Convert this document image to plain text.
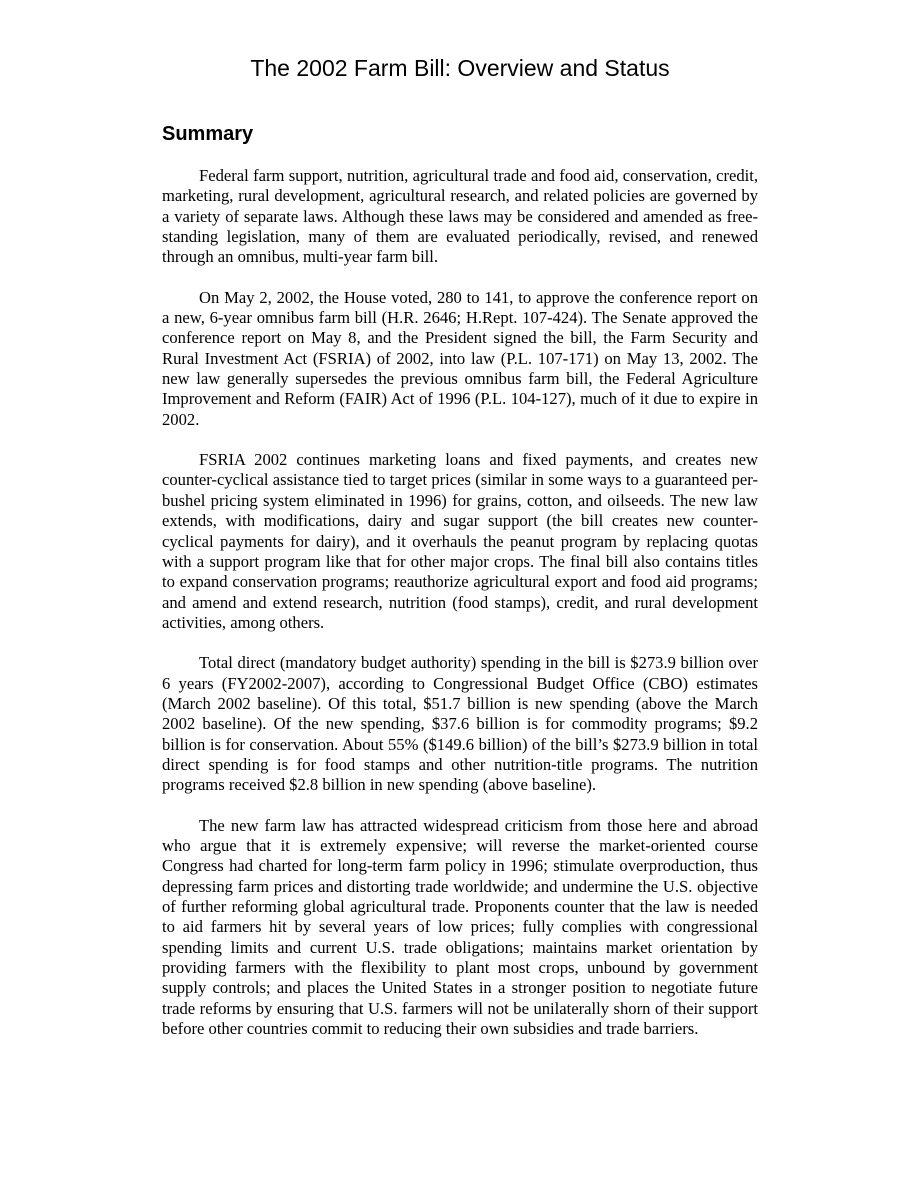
The 2002 Farm Bill: Overview and Status
Summary

Federal farm support, nutrition, agricultural trade and food aid, conservation, credit, marketing, rural development, agricultural research, and related policies are governed by a variety of separate laws. Although these laws may be considered and amended as free-standing legislation, many of them are evaluated periodically, revised, and renewed through an omnibus, multi-year farm bill.

On May 2, 2002, the House voted, 280 to 141, to approve the conference report on a new, 6-year omnibus farm bill (H.R. 2646; H.Rept. 107-424). The Senate approved the conference report on May 8, and the President signed the bill, the Farm Security and Rural Investment Act (FSRIA) of 2002, into law (P.L. 107-171) on May 13, 2002. The new law generally supersedes the previous omnibus farm bill, the Federal Agriculture Improvement and Reform (FAIR) Act of 1996 (P.L. 104-127), much of it due to expire in 2002.

FSRIA 2002 continues marketing loans and fixed payments, and creates new counter-cyclical assistance tied to target prices (similar in some ways to a guaranteed per-bushel pricing system eliminated in 1996) for grains, cotton, and oilseeds. The new law extends, with modifications, dairy and sugar support (the bill creates new counter-cyclical payments for dairy), and it overhauls the peanut program by replacing quotas with a support program like that for other major crops. The final bill also contains titles to expand conservation programs; reauthorize agricultural export and food aid programs; and amend and extend research, nutrition (food stamps), credit, and rural development activities, among others.

Total direct (mandatory budget authority) spending in the bill is $273.9 billion over 6 years (FY2002-2007), according to Congressional Budget Office (CBO) estimates (March 2002 baseline). Of this total, $51.7 billion is new spending (above the March 2002 baseline). Of the new spending, $37.6 billion is for commodity programs; $9.2 billion is for conservation. About 55% ($149.6 billion) of the bill’s $273.9 billion in total direct spending is for food stamps and other nutrition-title programs. The nutrition programs received $2.8 billion in new spending (above baseline).

The new farm law has attracted widespread criticism from those here and abroad who argue that it is extremely expensive; will reverse the market-oriented course Congress had charted for long-term farm policy in 1996; stimulate overproduction, thus depressing farm prices and distorting trade worldwide; and undermine the U.S. objective of further reforming global agricultural trade. Proponents counter that the law is needed to aid farmers hit by several years of low prices; fully complies with congressional spending limits and current U.S. trade obligations; maintains market orientation by providing farmers with the flexibility to plant most crops, unbound by government supply controls; and places the United States in a stronger position to negotiate future trade reforms by ensuring that U.S. farmers will not be unilaterally shorn of their support before other countries commit to reducing their own subsidies and trade barriers.
